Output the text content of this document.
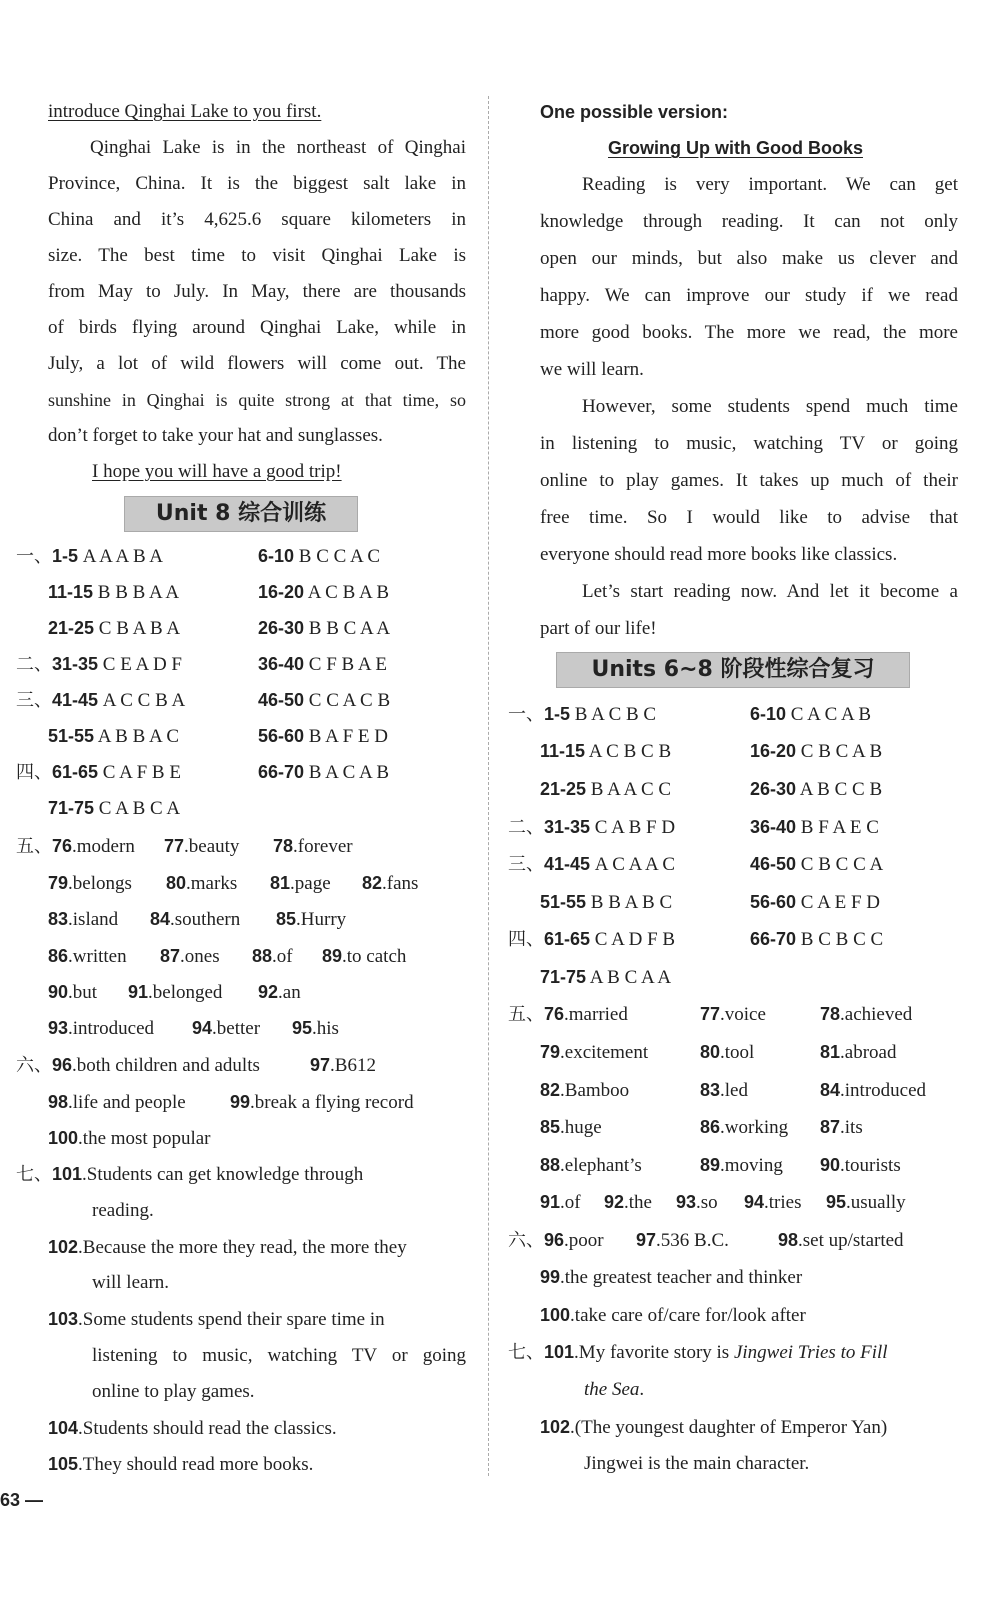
introduce Qinghai Lake to you first.
Qinghai Lake is in the northeast of Qinghai
Province, China. It is the biggest salt lake in
China and it’s 4,625.6 square kilometers in
size. The best time to visit Qinghai Lake is
from May to July. In May, there are thousands
of birds flying around Qinghai Lake, while in
July, a lot of wild flowers will come out. The
sunshine in Qinghai is quite strong at that time, so
don’t forget to take your hat and sunglasses.
I hope you will have a good trip!
Unit 8 综合训练
一、1-5 A A A B A	6-10 B C C A C
11-15 B B B A A	16-20 A C B A B
21-25 C B A B A	26-30 B B C A A
二、31-35 C E A D F	36-40 C F B A E
三、41-45 A C C B A	46-50 C C A C B
51-55 A B B A C	56-60 B A F E D
四、61-65 C A F B E	66-70 B A C A B
71-75 C A B C A
五、76.modern 77.beauty 78.forever
79.belongs 80.marks 81.page 82.fans
83.island 84.southern 85.Hurry
86.written 87.ones 88.of 89.to catch
90.but 91.belonged 92.an
93.introduced 94.better 95.his
六、96.both children and adults	97.B612
98.life and people 99.break a flying record
100.the most popular
七、101.Students can get knowledge through
reading.
102.Because the more they read, the more they
will learn.
103.Some students spend their spare time in
listening to music, watching TV or going
online to play games.
104.Students should read the classics.
105.They should read more books.
63 —
One possible version:
Growing Up with Good Books
Reading is very important. We can get
knowledge through reading. It can not only
open our minds, but also make us clever and
happy. We can improve our study if we read
more good books. The more we read, the more
we will learn.
However, some students spend much time
in listening to music, watching TV or going
online to play games. It takes up much of their
free time. So I would like to advise that
everyone should read more books like classics.
Let’s start reading now. And let it become a
part of our life!
Units 6~8 阶段性综合复习
一、1-5 B A C B C	6-10 C A C A B
11-15 A C B C B	16-20 C B C A B
21-25 B A A C C	26-30 A B C C B
二、31-35 C A B F D	36-40 B F A E C
三、41-45 A C A A C	46-50 C B C C A
51-55 B B A B C	56-60 C A E F D
四、61-65 C A D F B	66-70 B C B C C
71-75 A B C A A
五、76.married	77.voice	78.achieved
79.excitement	80.tool	81.abroad
82.Bamboo	83.led	84.introduced
85.huge	86.working 87.its
88.elephant’s	89.moving 90.tourists
91.of 92.the 93.so 94.tries 95.usually
六、96.poor 97.536 B.C.	98.set up/started
99.the greatest teacher and thinker
100.take care of/care for/look after
七、101.My favorite story is Jingwei Tries to Fill
the Sea.
102.(The youngest daughter of Emperor Yan)
Jingwei is the main character.
